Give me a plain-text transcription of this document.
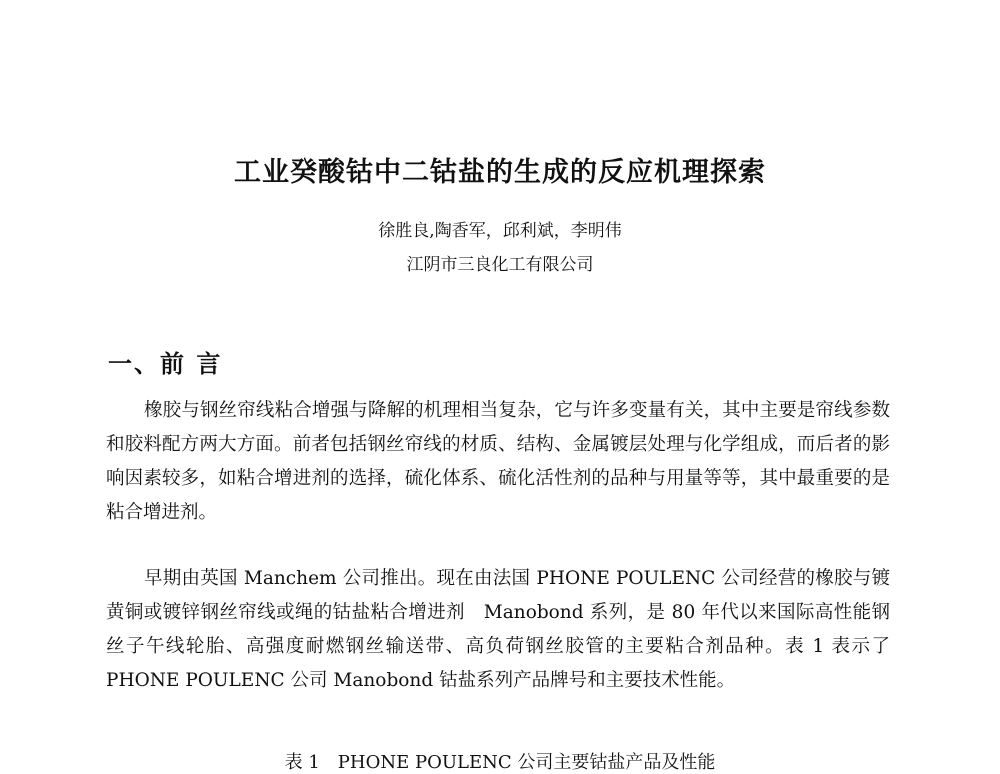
工业癸酸钴中二钴盐的生成的反应机理探索
徐胜良,陶香军，邱利斌，李明伟
江阴市三良化工有限公司
一、前 言

橡胶与钢丝帘线粘合增强与降解的机理相当复杂，它与许多变量有关，其中主要是帘线参数和胶料配方两大方面。前者包括钢丝帘线的材质、结构、金属镀层处理与化学组成，而后者的影响因素较多，如粘合增进剂的选择，硫化体系、硫化活性剂的品种与用量等等，其中最重要的是粘合增进剂。

早期由英国 Manchem 公司推出。现在由法国 PHONE POULENC 公司经营的橡胶与镀黄铜或镀锌钢丝帘线或绳的钴盐粘合增进剂　Manobond 系列，是 80 年代以来国际高性能钢丝子午线轮胎、高强度耐燃钢丝输送带、高负荷钢丝胶管的主要粘合剂品种。表 1 表示了PHONE POULENC 公司 Manobond 钴盐系列产品牌号和主要技术性能。

表 1　PHONE POULENC 公司主要钴盐产品及性能
